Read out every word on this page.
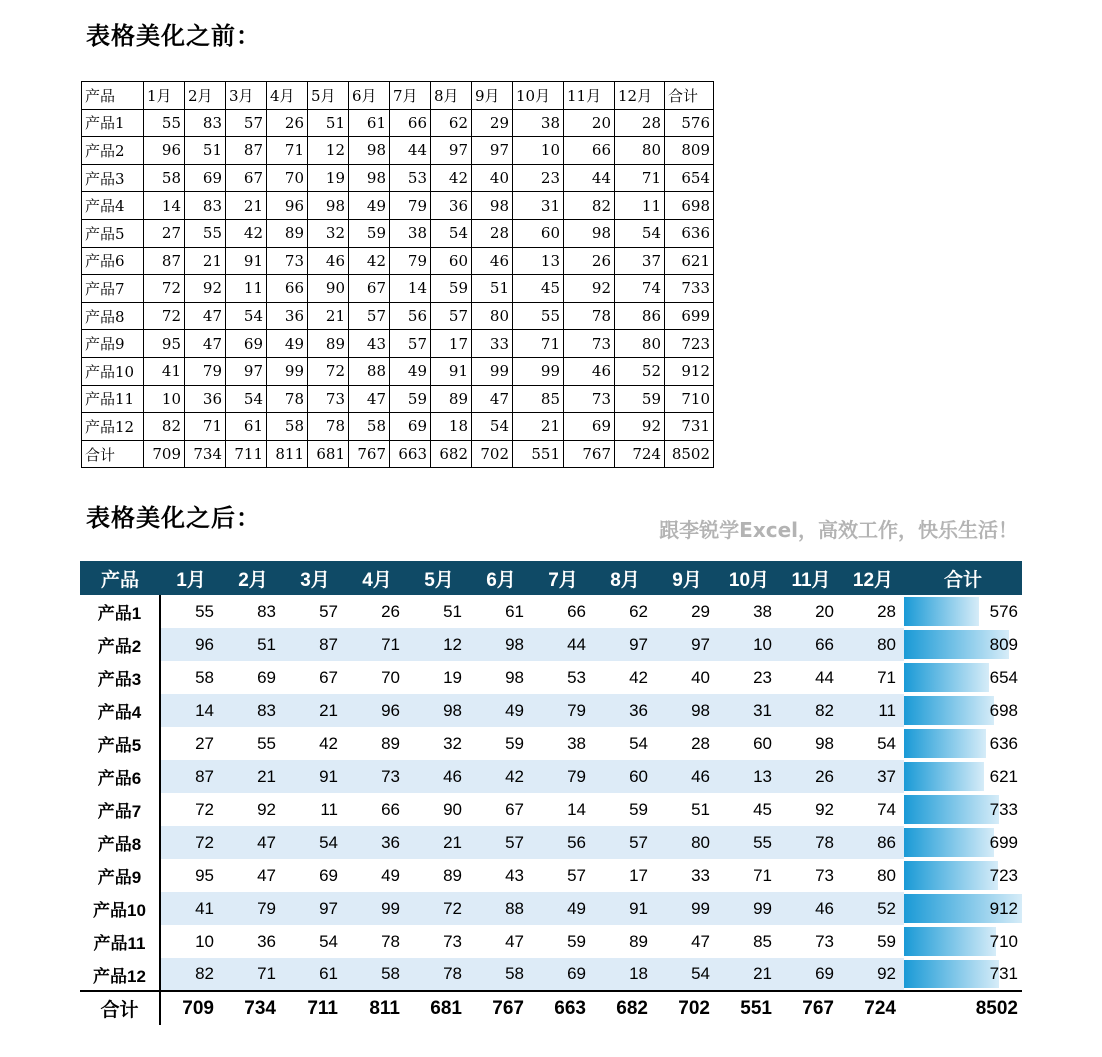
表格美化之前：
产品	1月	2月	3月	4月	5月	6月	7月	8月	9月	10月	11月	12月	合计
产品1	55	83	57	26	51	61	66	62	29	38	20	28	576
产品2	96	51	87	71	12	98	44	97	97	10	66	80	809
产品3	58	69	67	70	19	98	53	42	40	23	44	71	654
产品4	14	83	21	96	98	49	79	36	98	31	82	11	698
产品5	27	55	42	89	32	59	38	54	28	60	98	54	636
产品6	87	21	91	73	46	42	79	60	46	13	26	37	621
产品7	72	92	11	66	90	67	14	59	51	45	92	74	733
产品8	72	47	54	36	21	57	56	57	80	55	78	86	699
产品9	95	47	69	49	89	43	57	17	33	71	73	80	723
产品10	41	79	97	99	72	88	49	91	99	99	46	52	912
产品11	10	36	54	78	73	47	59	89	47	85	73	59	710
产品12	82	71	61	58	78	58	69	18	54	21	69	92	731
合计	709	734	711	811	681	767	663	682	702	551	767	724	8502
表格美化之后：	跟李锐学Excel，高效工作，快乐生活！
产品	1月	2月	3月	4月	5月	6月	7月	8月	9月	10月	11月	12月	合计
产品1	55	83	57	26	51	61	66	62	29	38	20	28	576
产品2	96	51	87	71	12	98	44	97	97	10	66	80	809
产品3	58	69	67	70	19	98	53	42	40	23	44	71	654
产品4	14	83	21	96	98	49	79	36	98	31	82	11	698
产品5	27	55	42	89	32	59	38	54	28	60	98	54	636
产品6	87	21	91	73	46	42	79	60	46	13	26	37	621
产品7	72	92	11	66	90	67	14	59	51	45	92	74	733
产品8	72	47	54	36	21	57	56	57	80	55	78	86	699
产品9	95	47	69	49	89	43	57	17	33	71	73	80	723
产品10	41	79	97	99	72	88	49	91	99	99	46	52	912
产品11	10	36	54	78	73	47	59	89	47	85	73	59	710
产品12	82	71	61	58	78	58	69	18	54	21	69	92	731
合计	709	734	711	811	681	767	663	682	702	551	767	724	8502
